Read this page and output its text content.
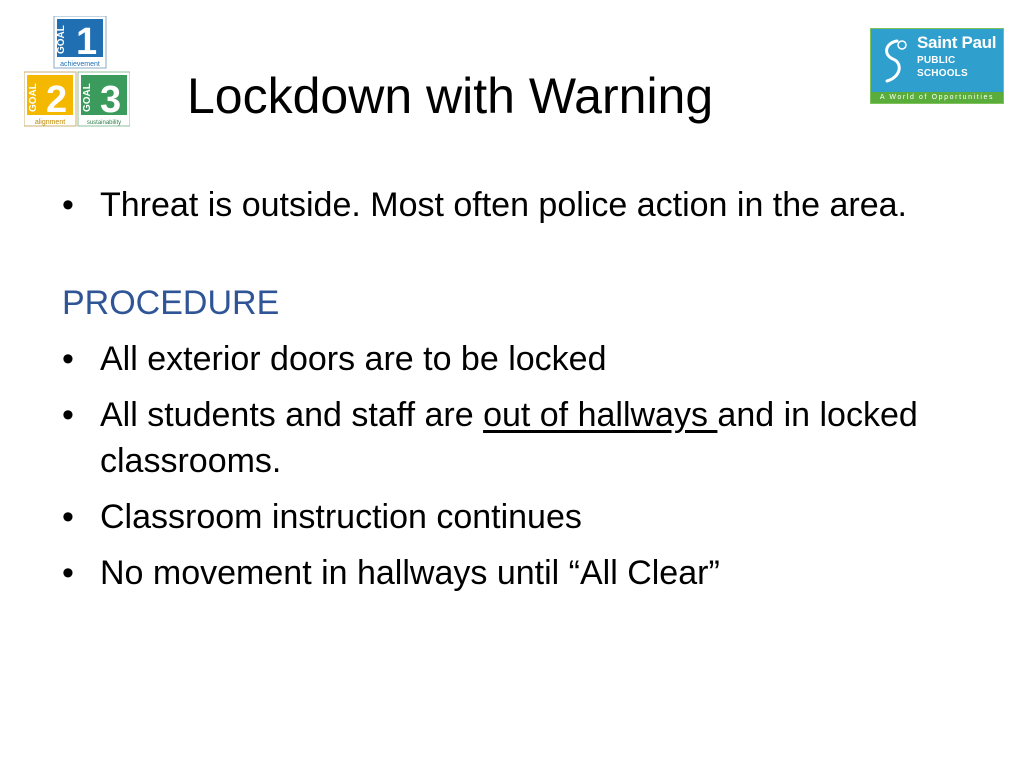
GOAL 1
achievement
GOAL 2
alignment
GOAL 3
sustainability
Saint Paul
PUBLIC SCHOOLS
A World of Opportunities
Lockdown with Warning
• Threat is outside. Most often police action in the area.
PROCEDURE
• All exterior doors are to be locked
• All students and staff are out of hallways and in locked classrooms.
• Classroom instruction continues
• No movement in hallways until “All Clear”
